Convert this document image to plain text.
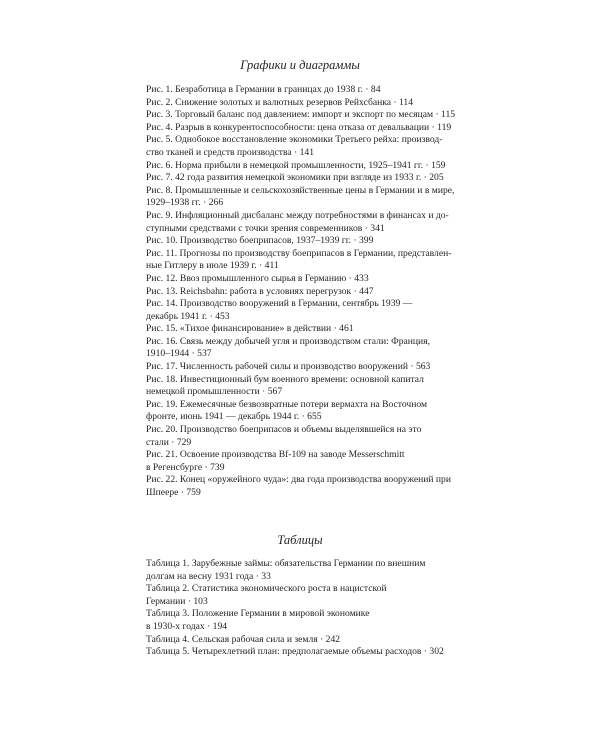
Графики и диаграммы
Рис. 1. Безработица в Германии в границах до 1938 г. · 84
Рис. 2. Снижение золотых и валютных резервов Рейхсбанка · 114
Рис. 3. Торговый баланс под давлением: импорт и экспорт по месяцам · 115
Рис. 4. Разрыв в конкурентоспособности: цена отказа от девальвации · 119
Рис. 5. Однобокое восстановление экономики Третьего рейха: производ-
ство тканей и средств производства · 141
Рис. 6. Норма прибыли в немецкой промышленности, 1925–1941 гг. · 159
Рис. 7. 42 года развития немецкой экономики при взгляде из 1933 г. · 205
Рис. 8. Промышленные и сельскохозяйственные цены в Германии и в мире,
1929–1938 гг. · 266
Рис. 9. Инфляционный дисбаланс между потребностями в финансах и до-
ступными средствами с точки зрения современников · 341
Рис. 10. Производство боеприпасов, 1937–1939 гг. · 399
Рис. 11. Прогнозы по производству боеприпасов в Германии, представлен-
ные Гитлеру в июле 1939 г. · 411
Рис. 12. Ввоз промышленного сырья в Германию · 433
Рис. 13. Reichsbahn: работа в условиях перегрузок · 447
Рис. 14. Производство вооружений в Германии, сентябрь 1939 —
декабрь 1941 г. · 453
Рис. 15. «Тихое финансирование» в действии · 461
Рис. 16. Связь между добычей угля и производством стали: Франция,
1910–1944 · 537
Рис. 17. Численность рабочей силы и производство вооружений · 563
Рис. 18. Инвестиционный бум военного времени: основной капитал
немецкой промышленности · 567
Рис. 19. Ежемесячные безвозвратные потери вермахта на Восточном
фронте, июнь 1941 — декабрь 1944 г. · 655
Рис. 20. Производство боеприпасов и объемы выделявшейся на это
стали · 729
Рис. 21. Освоение производства Bf-109 на заводе Messerschmitt
в Регенсбурге · 739
Рис. 22. Конец «оружейного чуда»: два года производства вооружений при
Шпеере · 759
Таблицы
Таблица 1. Зарубежные займы: обязательства Германии по внешним
долгам на весну 1931 года · 33
Таблица 2. Статистика экономического роста в нацистской
Германии · 103
Таблица 3. Положение Германии в мировой экономике
в 1930-х годах · 194
Таблица 4. Сельская рабочая сила и земля · 242
Таблица 5. Четырехлетний план: предполагаемые объемы расходов · 302
